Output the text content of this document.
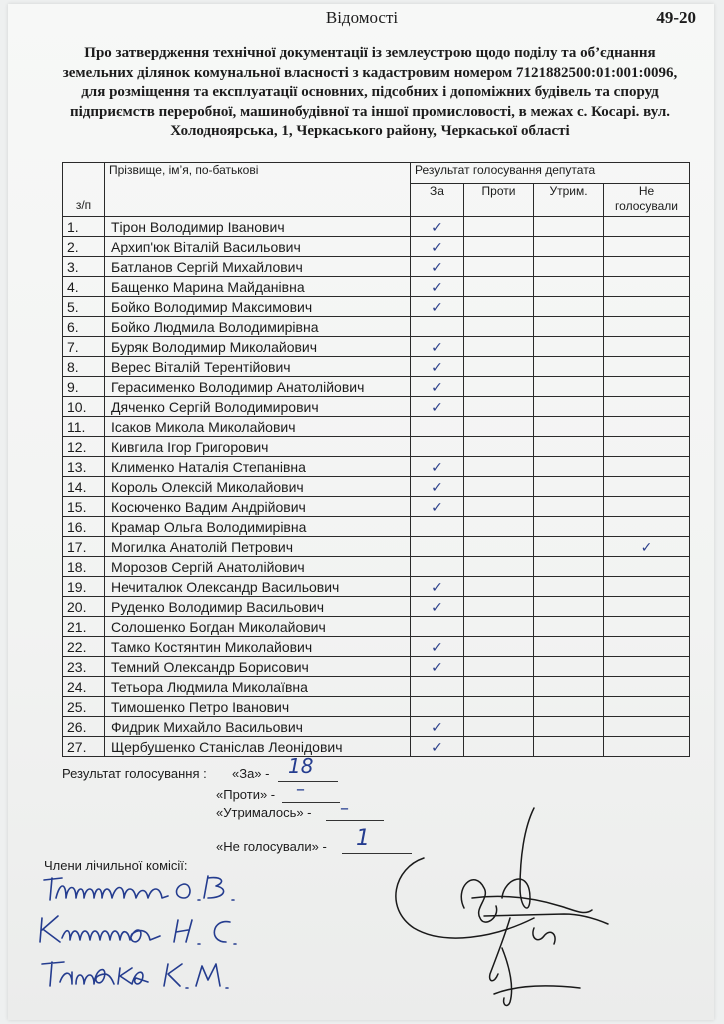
Відомості	49-20
Про затвердження технічної документації із землеустрою щодо поділу та об’єднання земельних ділянок комунальної власності з кадастровим номером 7121882500:01:001:0096, для розміщення та експлуатації основних, підсобних і допоміжних будівель та споруд підприємств переробної, машинобудівної та іншої промисловості, в межах с. Косарі. вул. Холодноярська, 1, Черкаського району, Черкаської області
з/п	Прізвище, ім’я, по-батькові	Результат голосування депутата			
		За	Проти	Утрим.	Не голосували
1.	Тірон Володимир Іванович	✓			
2.	Архип'юк Віталій Васильович	✓			
3.	Батланов Сергій Михайлович	✓			
4.	Бащенко Марина Майданівна	✓			
5.	Бойко Володимир Максимович	✓			
6.	Бойко Людмила Володимирівна				
7.	Буряк Володимир Миколайович	✓			
8.	Верес Віталій Терентійович	✓			
9.	Герасименко Володимир Анатолійович	✓			
10.	Дяченко Сергій Володимирович	✓			
11.	Ісаков Микола Миколайович				
12.	Кивгила Ігор Григорович				
13.	Клименко Наталія Степанівна	✓			
14.	Король Олексій Миколайович	✓			
15.	Косюченко Вадим Андрійович	✓			
16.	Крамар Ольга Володимирівна				
17.	Могилка Анатолій Петрович				✓
18.	Морозов Сергій Анатолійович				
19.	Нечиталюк Олександр Васильович	✓			
20.	Руденко Володимир Васильович	✓			
21.	Солошенко Богдан Миколайович				
22.	Тамко Костянтин Миколайович	✓			
23.	Темний Олександр Борисович	✓			
24.	Тетьора Людмила Миколаївна				
25.	Тимошенко Петро Іванович				
26.	Фидрик Михайло Васильович	✓			
27.	Щербушенко Станіслав Леонідович	✓			
Результат голосування : «За» - 18
«Проти» - –
«Утрималось» - –
«Не голосували» - 1
Члени лічильної комісії:
